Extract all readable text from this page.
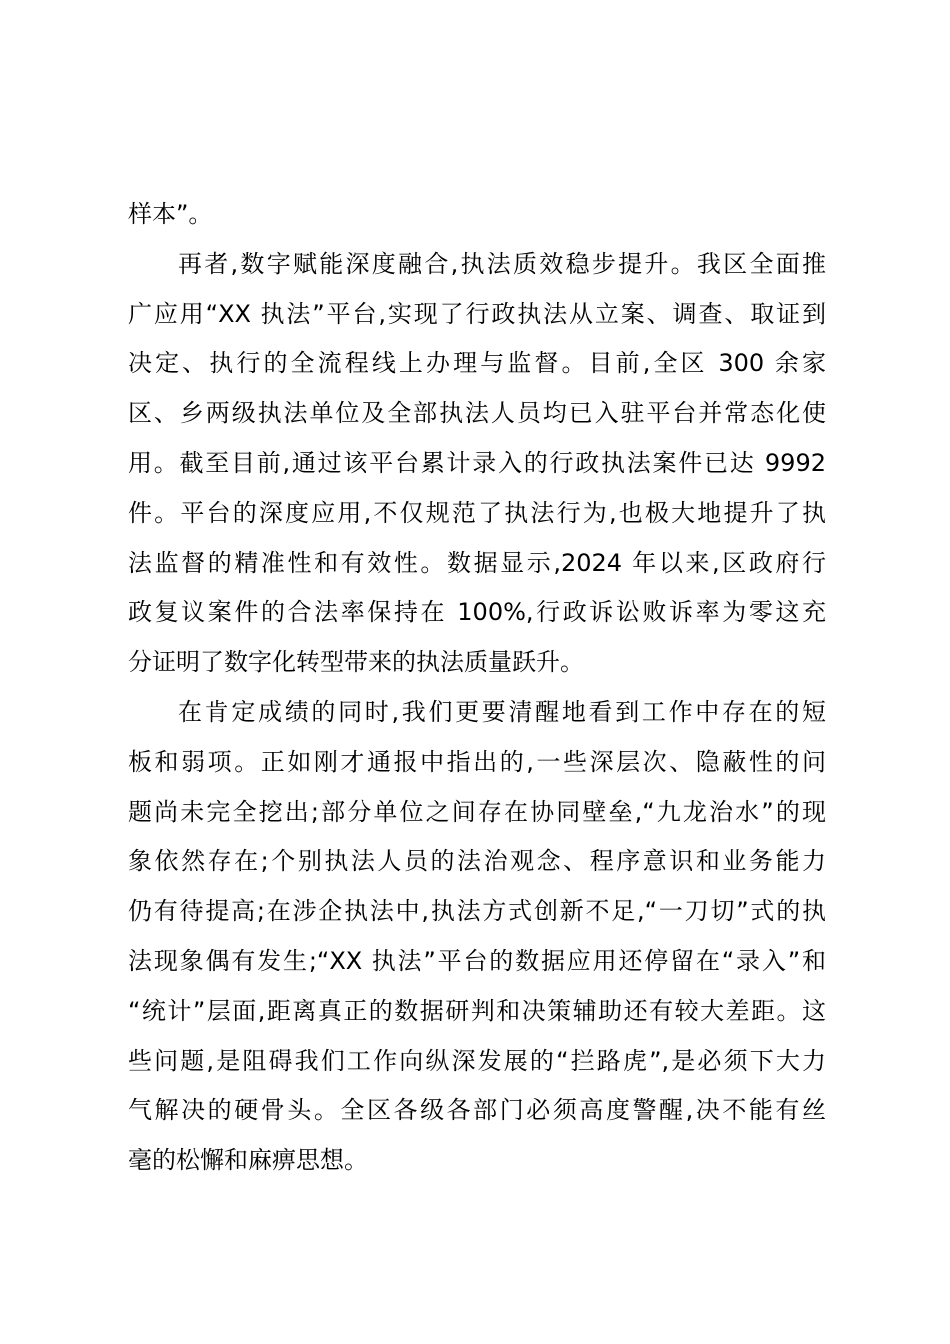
样本”。
再者,数字赋能深度融合,执法质效稳步提升。我区全面推
广应用“XX 执法”平台,实现了行政执法从立案、调查、取证到
决定、执行的全流程线上办理与监督。目前,全区 300 余家
区、乡两级执法单位及全部执法人员均已入驻平台并常态化使
用。截至目前,通过该平台累计录入的行政执法案件已达 9992
件。平台的深度应用,不仅规范了执法行为,也极大地提升了执
法监督的精准性和有效性。数据显示,2024 年以来,区政府行
政复议案件的合法率保持在 100%,行政诉讼败诉率为零这充
分证明了数字化转型带来的执法质量跃升。
在肯定成绩的同时,我们更要清醒地看到工作中存在的短
板和弱项。正如刚才通报中指出的,一些深层次、隐蔽性的问
题尚未完全挖出;部分单位之间存在协同壁垒,“九龙治水”的现
象依然存在;个别执法人员的法治观念、程序意识和业务能力
仍有待提高;在涉企执法中,执法方式创新不足,“一刀切”式的执
法现象偶有发生;“XX 执法”平台的数据应用还停留在“录入”和
“统计”层面,距离真正的数据研判和决策辅助还有较大差距。这
些问题,是阻碍我们工作向纵深发展的“拦路虎”,是必须下大力
气解决的硬骨头。全区各级各部门必须高度警醒,决不能有丝
毫的松懈和麻痹思想。
